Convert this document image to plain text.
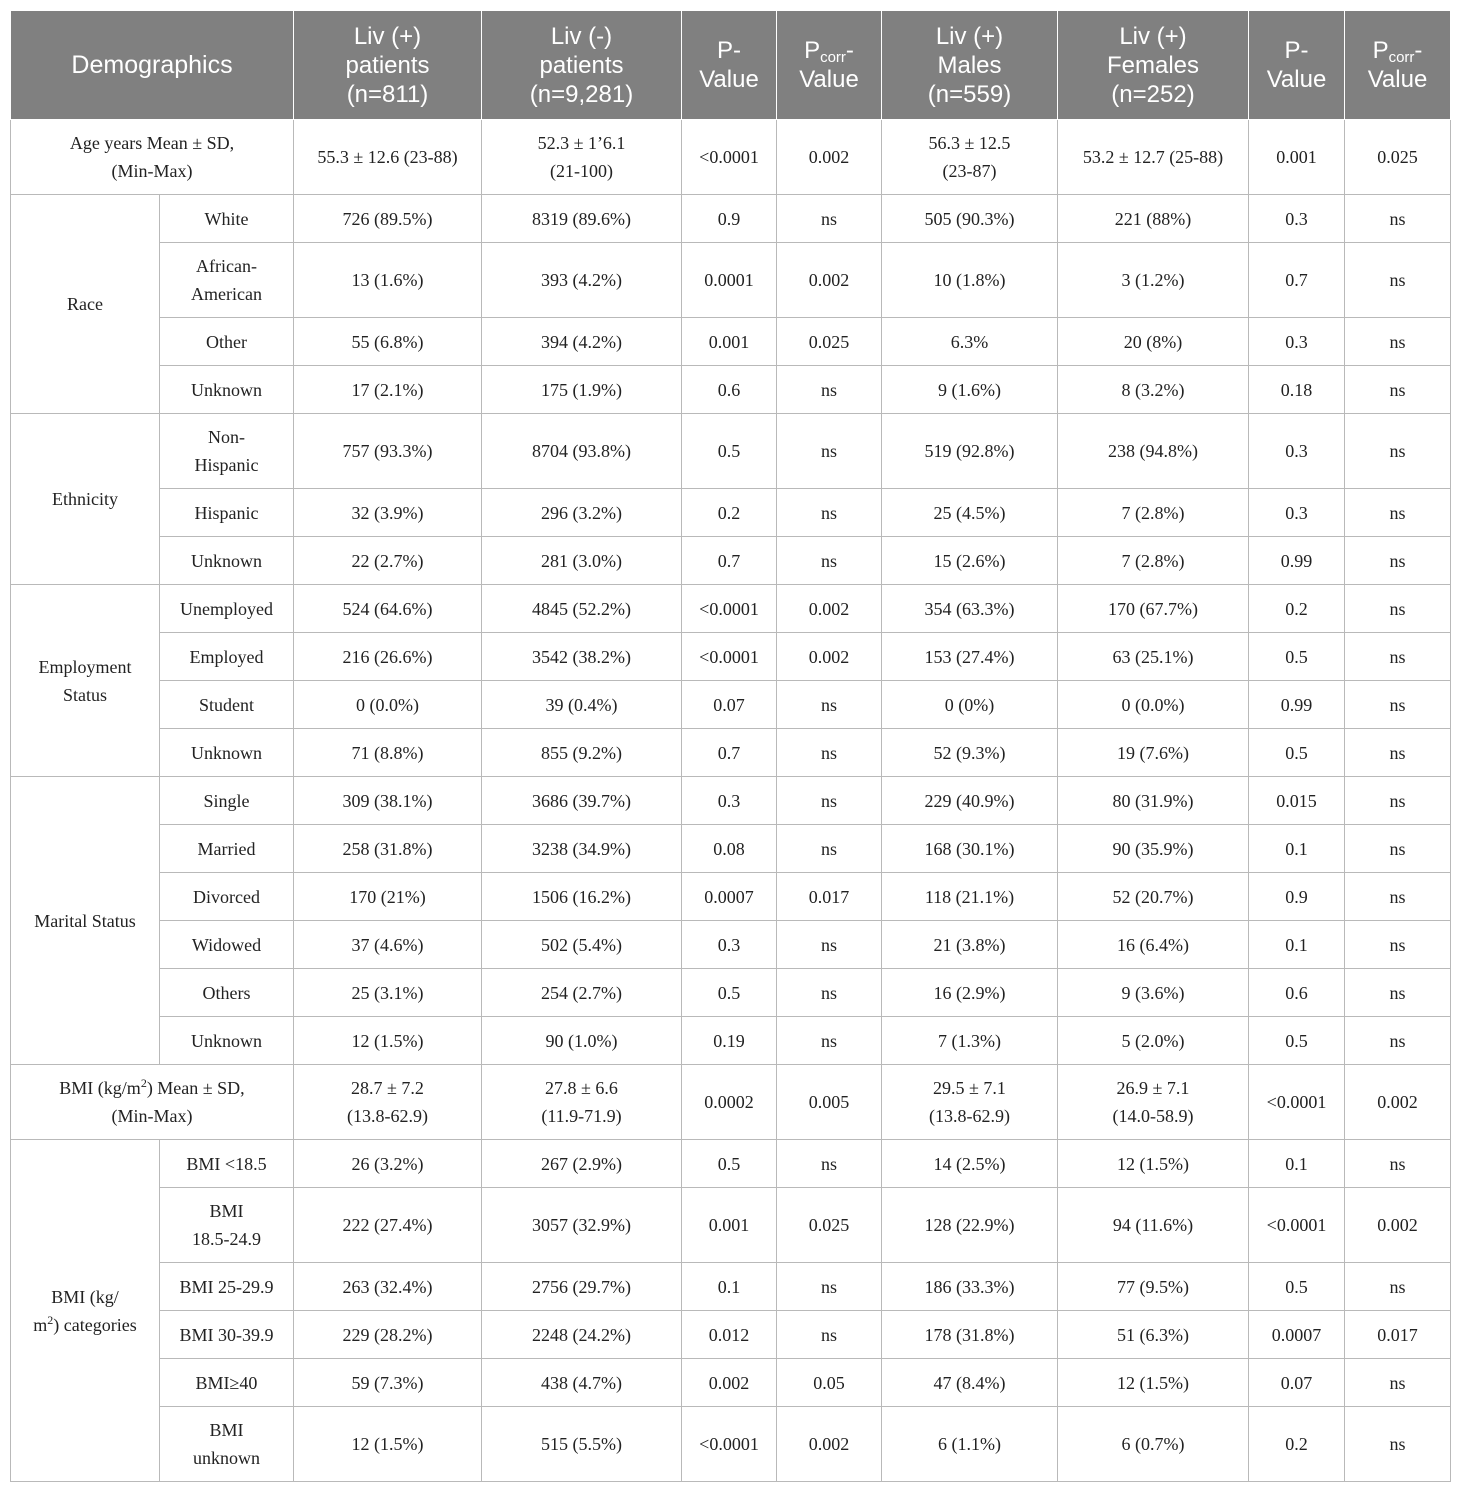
Demographics		Liv (+)
patients
(n=811)	Liv (-)
patients
(n=9,281)	P-
Value	$P_{corr}-$
Value	Liv (+)
Males
(n=559)	Liv (+)
Females
(n=252)	P-
Value	$P_{corr}-$
Value
Age years Mean ± SD,
(Min-Max)		55.3 ± 12.6 (23-88)	52.3 ± 1’6.1
(21-100)	<0.0001	0.002	56.3 ± 12.5
(23-87)	53.2 ± 12.7 (25-88)	0.001	0.025
Race	White	726 (89.5%)	8319 (89.6%)	0.9	ns	505 (90.3%)	221 (88%)	0.3	ns
	African-
American	13 (1.6%)	393 (4.2%)	0.0001	0.002	10 (1.8%)	3 (1.2%)	0.7	ns
	Other	55 (6.8%)	394 (4.2%)	0.001	0.025	6.3%	20 (8%)	0.3	ns
	Unknown	17 (2.1%)	175 (1.9%)	0.6	ns	9 (1.6%)	8 (3.2%)	0.18	ns
Ethnicity	Non-
Hispanic	757 (93.3%)	8704 (93.8%)	0.5	ns	519 (92.8%)	238 (94.8%)	0.3	ns
	Hispanic	32 (3.9%)	296 (3.2%)	0.2	ns	25 (4.5%)	7 (2.8%)	0.3	ns
	Unknown	22 (2.7%)	281 (3.0%)	0.7	ns	15 (2.6%)	7 (2.8%)	0.99	ns
Employment
Status	Unemployed	524 (64.6%)	4845 (52.2%)	<0.0001	0.002	354 (63.3%)	170 (67.7%)	0.2	ns
	Employed	216 (26.6%)	3542 (38.2%)	<0.0001	0.002	153 (27.4%)	63 (25.1%)	0.5	ns
	Student	0 (0.0%)	39 (0.4%)	0.07	ns	0 (0%)	0 (0.0%)	0.99	ns
	Unknown	71 (8.8%)	855 (9.2%)	0.7	ns	52 (9.3%)	19 (7.6%)	0.5	ns
Marital Status	Single	309 (38.1%)	3686 (39.7%)	0.3	ns	229 (40.9%)	80 (31.9%)	0.015	ns
	Married	258 (31.8%)	3238 (34.9%)	0.08	ns	168 (30.1%)	90 (35.9%)	0.1	ns
	Divorced	170 (21%)	1506 (16.2%)	0.0007	0.017	118 (21.1%)	52 (20.7%)	0.9	ns
	Widowed	37 (4.6%)	502 (5.4%)	0.3	ns	21 (3.8%)	16 (6.4%)	0.1	ns
	Others	25 (3.1%)	254 (2.7%)	0.5	ns	16 (2.9%)	9 (3.6%)	0.6	ns
	Unknown	12 (1.5%)	90 (1.0%)	0.19	ns	7 (1.3%)	5 (2.0%)	0.5	ns
BMI $(kg/m^2)$ Mean ± SD,
(Min-Max)		28.7 ± 7.2
(13.8-62.9)	27.8 ± 6.6
(11.9-71.9)	0.0002	0.005	29.5 ± 7.1
(13.8-62.9)	26.9 ± 7.1
(14.0-58.9)	<0.0001	0.002
BMI (kg/
$m^2$) categories	BMI <18.5	26 (3.2%)	267 (2.9%)	0.5	ns	14 (2.5%)	12 (1.5%)	0.1	ns
	BMI
18.5-24.9	222 (27.4%)	3057 (32.9%)	0.001	0.025	128 (22.9%)	94 (11.6%)	<0.0001	0.002
	BMI 25-29.9	263 (32.4%)	2756 (29.7%)	0.1	ns	186 (33.3%)	77 (9.5%)	0.5	ns
	BMI 30-39.9	229 (28.2%)	2248 (24.2%)	0.012	ns	178 (31.8%)	51 (6.3%)	0.0007	0.017
	BMI≥40	59 (7.3%)	438 (4.7%)	0.002	0.05	47 (8.4%)	12 (1.5%)	0.07	ns
	BMI
unknown	12 (1.5%)	515 (5.5%)	<0.0001	0.002	6 (1.1%)	6 (0.7%)	0.2	ns
